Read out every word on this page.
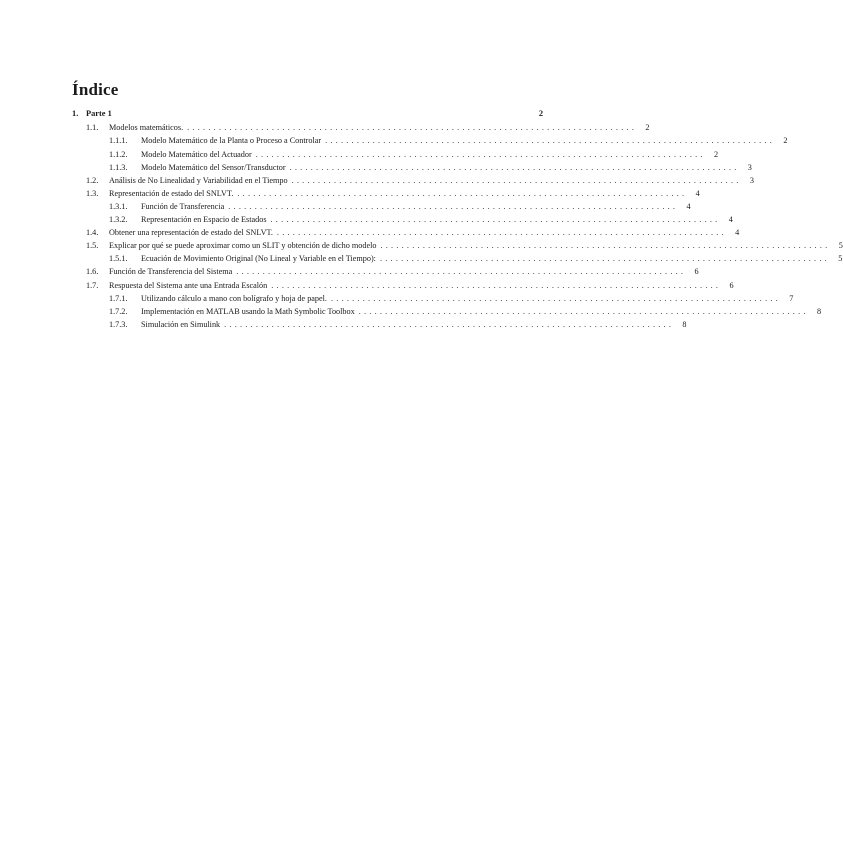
Índice
1. Parte 1	2
1.1.	Modelos matemáticos. . . .	2
1.1.1.	Modelo Matemático de la Planta o Proceso a Controlar . . .	2
1.1.2.	Modelo Matemático del Actuador . . .	2
1.1.3.	Modelo Matemático del Sensor/Transductor . . .	3
1.2.	Análisis de No Linealidad y Variabilidad en el Tiempo . . .	3
1.3.	Representación de estado del SNLVT. . . .	4
1.3.1.	Función de Transferencia . . .	4
1.3.2.	Representación en Espacio de Estados . . .	4
1.4.	Obtener una representación de estado del SNLVT. . . .	4
1.5.	Explicar por qué se puede aproximar como un SLIT y obtención de dicho modelo . . .	5
1.5.1.	Ecuación de Movimiento Original (No Lineal y Variable en el Tiempo): . . .	5
1.6.	Función de Transferencia del Sistema . . .	6
1.7.	Respuesta del Sistema ante una Entrada Escalón . . .	6
1.7.1.	Utilizando cálculo a mano con bolígrafo y hoja de papel. . . .	7
1.7.2.	Implementación en MATLAB usando la Math Symbolic Toolbox . . .	8
1.7.3.	Simulación en Simulink . . .	8
